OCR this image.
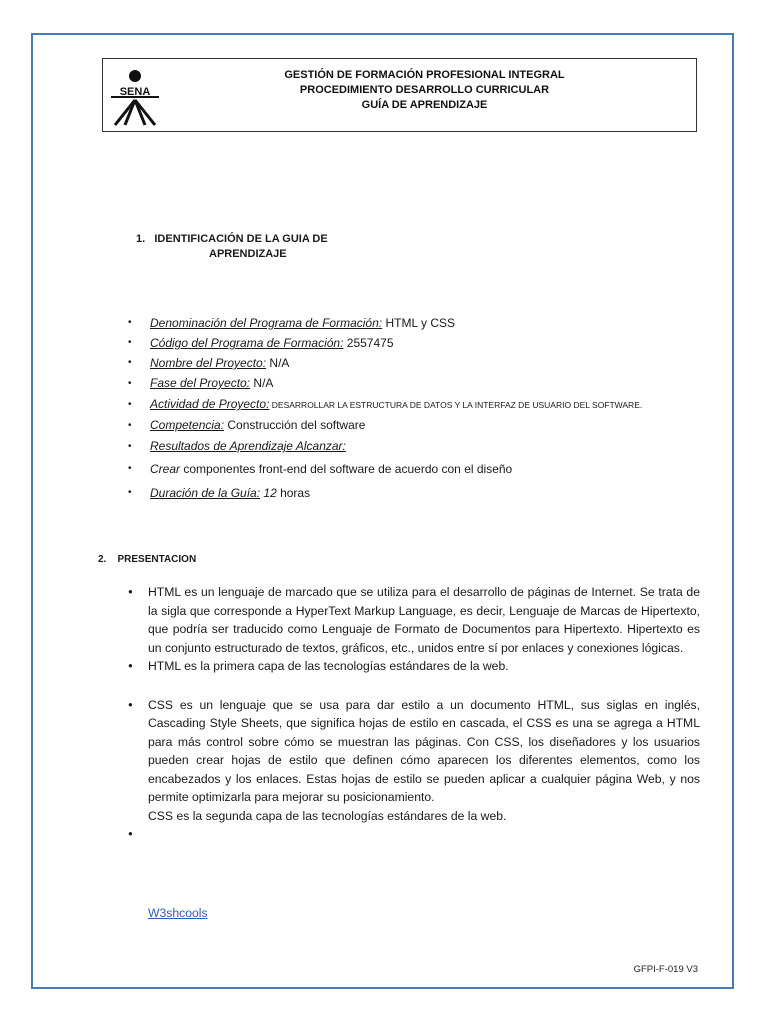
SENA
GESTIÓN DE FORMACIÓN PROFESIONAL INTEGRAL
PROCEDIMIENTO DESARROLLO CURRICULAR
GUÍA DE APRENDIZAJE
1. IDENTIFICACIÓN DE LA GUIA DE
APRENDIZAJE
• Denominación del Programa de Formación: HTML y CSS
• Código del Programa de Formación: 2557475
• Nombre del Proyecto: N/A
• Fase del Proyecto: N/A
• Actividad de Proyecto: DESARROLLAR LA ESTRUCTURA DE DATOS Y LA INTERFAZ DE USUARIO DEL SOFTWARE.
• Competencia: Construcción del software
• Resultados de Aprendizaje Alcanzar:
• Crear componentes front-end del software de acuerdo con el diseño
• Duración de la Guía: 12 horas
2. PRESENTACION
● HTML es un lenguaje de marcado que se utiliza para el desarrollo de páginas de Internet. Se trata de la sigla que corresponde a HyperText Markup Language, es decir, Lenguaje de Marcas de Hipertexto, que podría ser traducido como Lenguaje de Formato de Documentos para Hipertexto. Hipertexto es un conjunto estructurado de textos, gráficos, etc., unidos entre sí por enlaces y conexiones lógicas.
● HTML es la primera capa de las tecnologías estándares de la web.
● CSS es un lenguaje que se usa para dar estilo a un documento HTML, sus siglas en inglés, Cascading Style Sheets, que significa hojas de estilo en cascada, el CSS es una se agrega a HTML para más control sobre cómo se muestran las páginas. Con CSS, los diseñadores y los usuarios pueden crear hojas de estilo que definen cómo aparecen los diferentes elementos, como los encabezados y los enlaces. Estas hojas de estilo se pueden aplicar a cualquier página Web, y nos permite optimizarla para mejorar su posicionamiento.
CSS es la segunda capa de las tecnologías estándares de la web.
●
W3shcools
GFPI-F-019 V3
